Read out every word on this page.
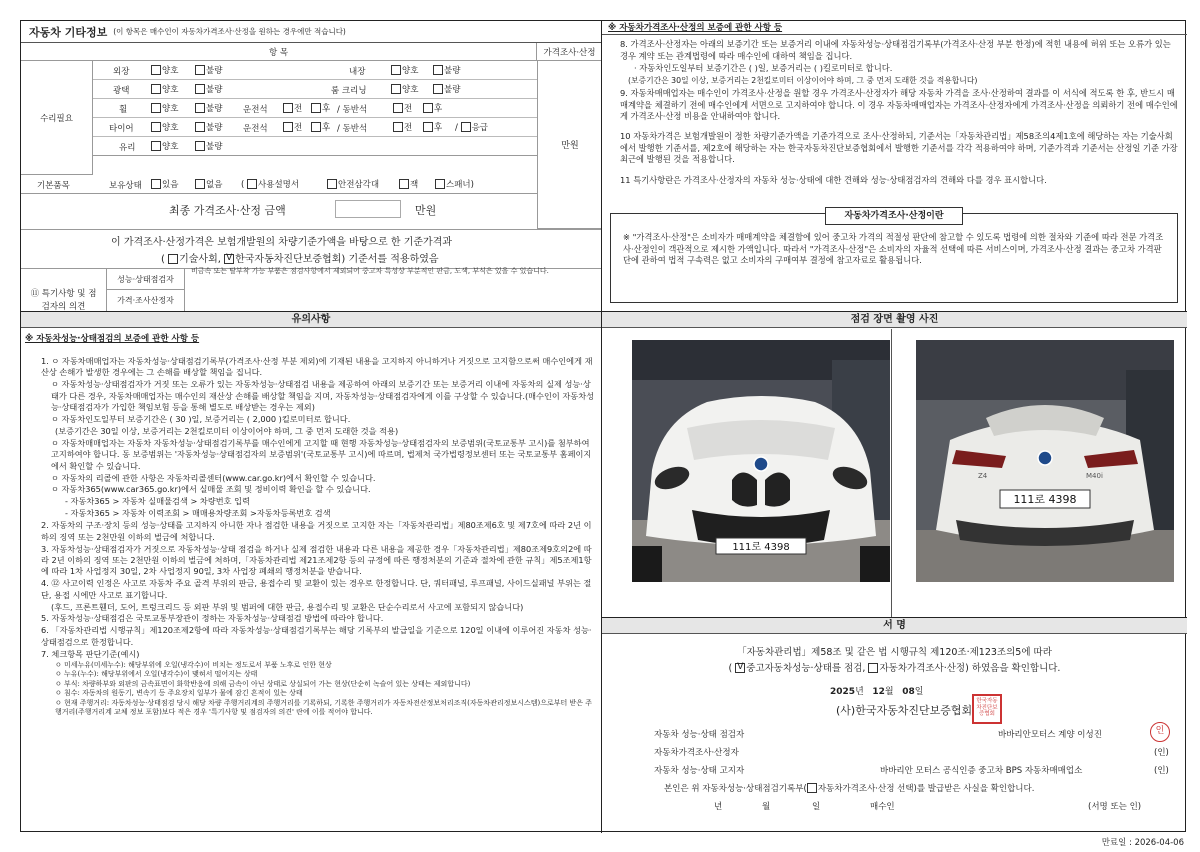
자동차 기타정보 (이 항목은 매수인이 자동차가격조사·산정을 원하는 경우에만 적습니다)
항 목	가격조사·산정
수리필요
만원
외장	양호	불량	내장	양호	불량
광택	양호	불량	룸 크리닝	양호	불량
휠	양호	불량 운전석	전	후 / 동반석	전	후
타이어	양호	불량 운전석	전	후 / 동반석	전	후 / 응급
유리	양호	불량
기본품목	보유상태	있음	없음 ( 사용설명서	안전삼각대	잭	스패너)
최종 가격조사·산정 금액	만원
이 가격조사·산정가격은 보험개발원의 차량기준가액을 바탕으로 한 기준가격과
( 기술사회, V 한국자동차진단보증협회) 기준서를 적용하였음
⑪ 특기사항 및 점검자의 의견
성능·상태점검자
비금속 또는 탈부착 가능 부품은 점검사항에서 제외되어 중고차 특성상 부분적인 판금, 도색, 부식은 있을 수 있습니다.
가격·조사산정자
※ 자동차가격조사·산정의 보증에 관한 사항 등
8. 가격조사·산정자는 아래의 보증기간 또는 보증거리 이내에 자동차성능·상태점검기록부(가격조사·산정 부분 한정)에 적힌 내용에 허위 또는 오류가 있는 경우 계약 또는 관계법령에 따라 매수인에 대하여 책임을 집니다.
· 자동차인도일부터 보증기간은 ( )일, 보증거리는 ( )킬로미터로 합니다.
(보증기간은 30일 이상, 보증거리는 2천킬로미터 이상이어야 하며, 그 중 먼저 도래한 것을 적용합니다)
9. 자동차매매업자는 매수인이 가격조사·산정을 원할 경우 가격조사·산정자가 해당 자동차 가격을 조사·산정하여 결과를 이 서식에 적도록 한 후, 반드시 매매계약을 체결하기 전에 매수인에게 서면으로 고지하여야 합니다. 이 경우 자동차매매업자는 가격조사·산정자에게 가격조사·산정을 의뢰하기 전에 매수인에게 가격조사·산정 비용을 안내하여야 합니다.
10 자동차가격은 보험개발원이 정한 차량기준가액을 기준가격으로 조사·산정하되, 기준서는「자동차관리법」제58조의4제1호에 해당하는 자는 기술사회에서 발행한 기준서를, 제2호에 해당하는 자는 한국자동차진단보증협회에서 발행한 기준서를 각각 적용하여야 하며, 기준가격과 기준서는 산정일 기준 가장 최근에 발행된 것을 적용합니다.
11 특기사항란은 가격조사·산정자의 자동차 성능·상태에 대한 견해와 성능·상태점검자의 견해와 다를 경우 표시합니다.
자동차가격조사·산정이란
※ "가격조사·산정"은 소비자가 매매계약을 체결함에 있어 중고차 가격의 적절성 판단에 참고할 수 있도록 법령에 의한 절차와 기준에 따라 전문 가격조사·산정인이 객관적으로 제시한 가액입니다. 따라서 "가격조사·산정"은 소비자의 자율적 선택에 따른 서비스이며, 가격조사·산정 결과는 중고차 가격판단에 관하여 법적 구속력은 없고 소비자의 구매여부 결정에 참고자료로 활용됩니다.
유의사항
※ 자동차성능·상태점검의 보증에 관한 사항 등
1. ㅇ 자동차매매업자는 자동차성능·상태점검기록부(가격조사·산정 부분 제외)에 기재된 내용을 고지하지 아니하거나 거짓으로 고지함으로써 매수인에게 재산상 손해가 발생한 경우에는 그 손해를 배상할 책임을 집니다.
ㅇ 자동차성능·상태점검자가 거짓 또는 오류가 있는 자동차성능·상태점검 내용을 제공하여 아래의 보증기간 또는 보증거리 이내에 자동차의 실제 성능·상태가 다른 경우, 자동차매매업자는 매수인의 재산상 손해를 배상할 책임을 지며, 자동차성능·상태점검자에게 이를 구상할 수 있습니다.(매수인이 자동차성능·상태점검자가 가입한 책임보험 등을 통해 별도로 배상받는 경우는 제외)
ㅇ 자동차인도일부터 보증기간은 ( 30 )일, 보증거리는 ( 2,000 )킬로미터로 합니다.
(보증기간은 30일 이상, 보증거리는 2천킬로미터 이상이어야 하며, 그 중 먼저 도래한 것을 적용)
ㅇ 자동차매매업자는 자동차 자동차성능·상태점검기록부를 매수인에게 고지할 때 현행 자동차성능·상태점검자의 보증범위(국토교통부 고시)를 첨부하여 고지하여야 합니다. 동 보증범위는 '자동차성능·상태점검자의 보증범위'(국토교통부 고시)에 따르며, 법제처 국가법령정보센터 또는 국토교통부 홈페이지에서 확인할 수 있습니다.
ㅇ 자동차의 리콜에 관한 사항은 자동차리콜센터(www.car.go.kr)에서 확인할 수 있습니다.
ㅇ 자동차365(www.car365.go.kr)에서 실매물 조회 및 정비이력 확인을 할 수 있습니다.
- 자동차365 > 자동차 실매물검색 > 차량번호 입력
- 자동차365 > 자동차 이력조회 > 매매용차량조회 >자동차등록번호 검색
2. 자동차의 구조·장치 등의 성능·상태를 고지하지 아니한 자나 점검한 내용을 거짓으로 고지한 자는「자동차관리법」제80조제6호 및 제7호에 따라 2년 이하의 징역 또는 2천만원 이하의 벌금에 처합니다.
3. 자동차성능·상태점검자가 거짓으로 자동차성능·상태 점검을 하거나 실제 점검한 내용과 다른 내용을 제공한 경우「자동차관리법」제80조제9호의2에 따라 2년 이하의 징역 또는 2천만원 이하의 벌금에 처하며,「자동차관리법 제21조제2항 등의 규정에 따른 행정처분의 기준과 절차에 관한 규칙」제5조제1항에 따라 1차 사업정지 30일, 2차 사업정지 90일, 3차 사업장 폐쇄의 행정처분을 받습니다.
4. ⑫ 사고이력 인정은 사고로 자동차 주요 골격 부위의 판금, 용접수리 및 교환이 있는 경우로 한정합니다. 단, 쿼터패널, 루프패널, 사이드실패널 부위는 절단, 용접 시에만 사고로 표기합니다.
(후드, 프론트휀더, 도어, 트렁크리드 등 외판 부위 및 범퍼에 대한 판금, 용접수리 및 교환은 단순수리로서 사고에 포함되지 않습니다)
5. 자동차성능·상태점검은 국토교통부장관이 정하는 자동차성능·상태점검 방법에 따라야 합니다.
6. 「자동차관리법 시행규칙」제120조제2항에 따라 자동차성능·상태점검기록부는 해당 기록부의 발급일을 기준으로 120일 이내에 이루어진 자동차 성능·상태점검으로 한정합니다.
7. 체크항목 판단기준(예시)
ㅇ 미세누유(미세누수): 해당부위에 오일(냉각수)이 비치는 정도로서 부품 노후로 인한 현상
ㅇ 누유(누수): 해당부위에서 오일(냉각수)이 맺혀서 떨어지는 상태
ㅇ 부식: 차량하부와 외판의 금속표면이 화학반응에 의해 금속이 아닌 상태로 상실되어 가는 현상(단순히 녹슬어 있는 상태는 제외합니다)
ㅇ 침수: 자동차의 원동기, 변속기 등 주요장치 일부가 물에 잠긴 흔적이 있는 상태
ㅇ 현재 주행거리: 자동차성능·상태점검 당시 해당 차량 주행거리계의 주행거리를 기록하되, 기록한 주행거리가 자동차전산정보처리조직(자동차관리정보시스템)으로부터 받은 주행거리(주행거리계 교체 정보 포함)보다 적은 경우 '특기사항 및 점검자의 의견' 란에 이를 적어야 합니다.
점검 장면 촬영 사진
111로 4398
Z4	M40i
111로 4398
서 명
「자동차관리법」제58조 및 같은 법 시행규칙 제120조·제123조의5에 따라
( V 중고자동차성능·상태를 점검, 자동차가격조사·산정) 하였음을 확인합니다.
2025년 12월 08일
(사)한국자동차진단보증협회
한국자동차진단보증협회
인
자동차 성능·상태 점검자	바바리안모터스 계양 이성진
자동차가격조사·산정자	(인)
자동차 성능·상태 고지자	바바리안 모터스 공식인증 중고차 BPS 자동차매매업소	(인)
본인은 위 자동차성능·상태점검기록부( 자동차가격조사·산정 선택)를 발급받은 사실을 확인합니다.
년	월	일	매수인	(서명 또는 인)
만료일 : 2026-04-06
